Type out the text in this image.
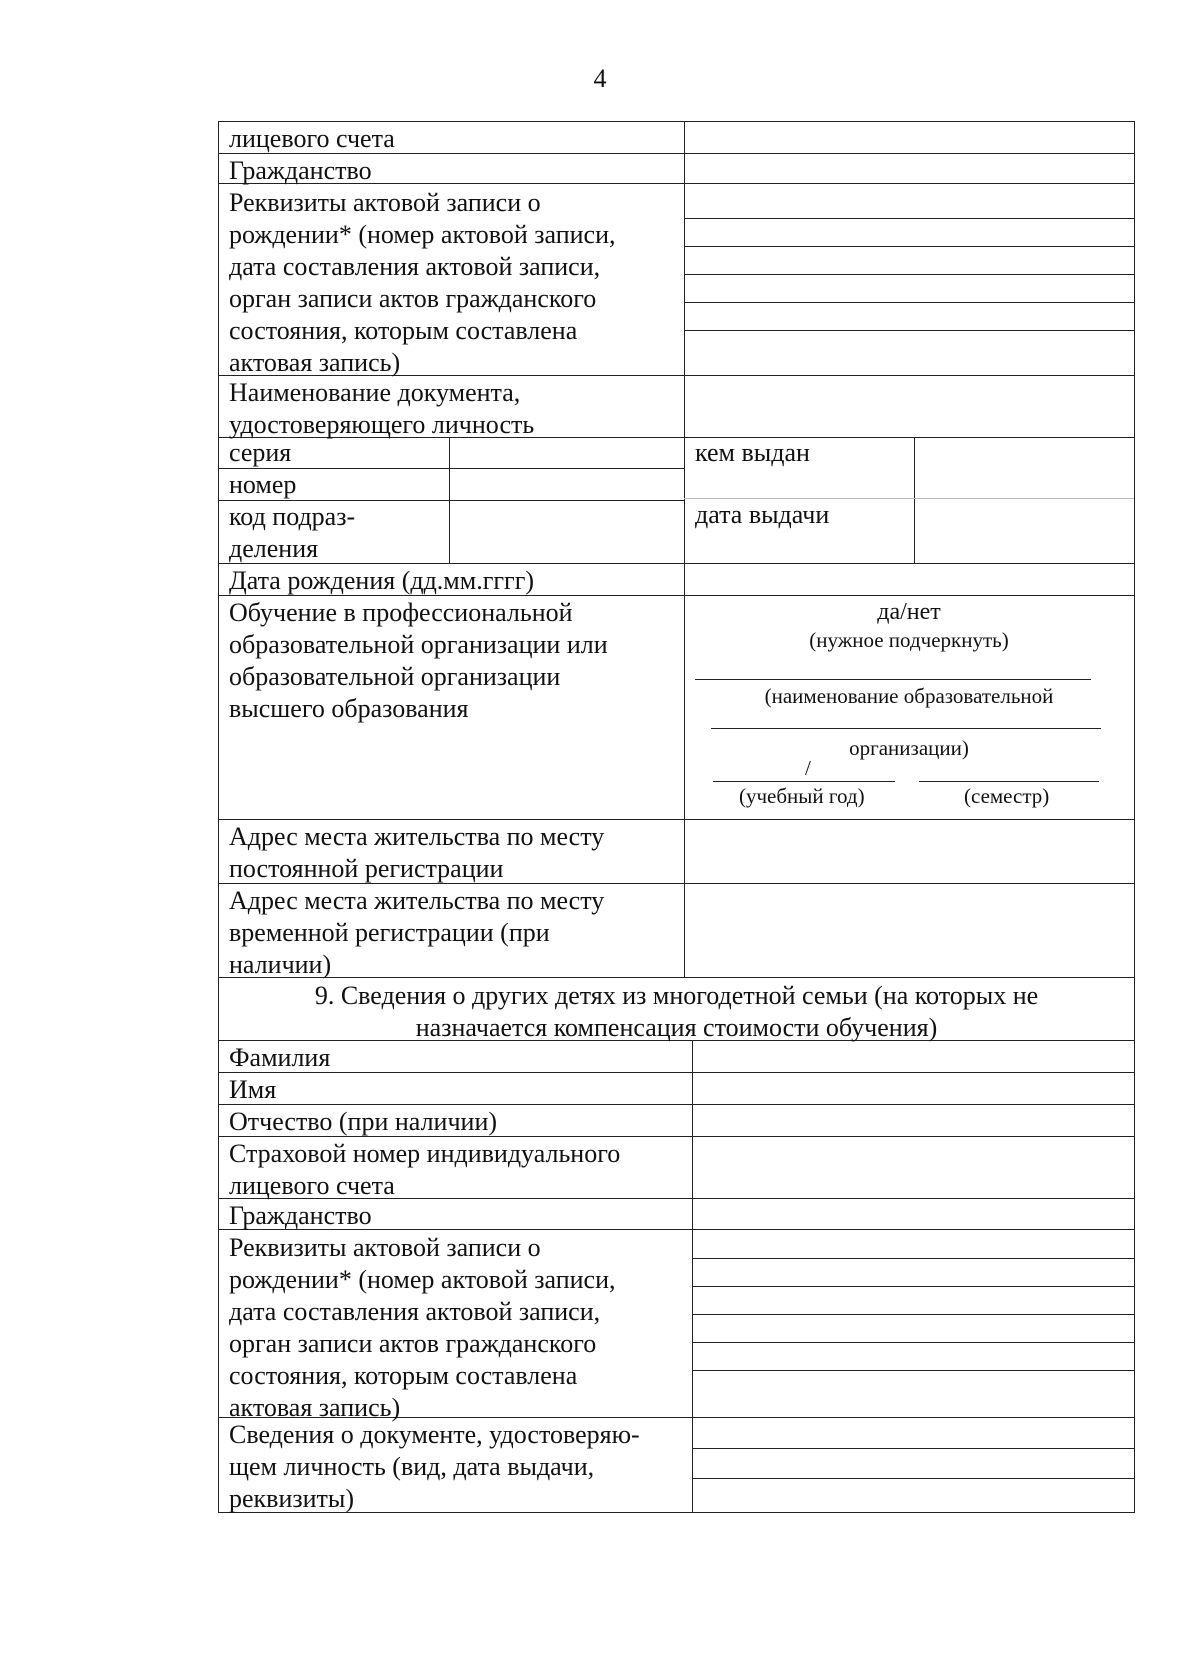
4
лицевого счета
Гражданство
Реквизиты актовой записи о
рождении* (номер актовой записи,
дата составления актовой записи,
орган записи актов гражданского
состояния, которым составлена
актовая запись)
Наименование документа,
удостоверяющего личность
серия
номер
код подраз-
деления
кем выдан
дата выдачи
Дата рождения (дд.мм.гггг)
Обучение в профессиональной
образовательной организации или
образовательной организации
высшего образования
да/нет
(нужное подчеркнуть)
(наименование образовательной
организации)
/
(учебный год)	(семестр)
Адрес места жительства по месту
постоянной регистрации
Адрес места жительства по месту
временной регистрации (при
наличии)
9. Сведения о других детях из многодетной семьи (на которых не
назначается компенсация стоимости обучения)
Фамилия
Имя
Отчество (при наличии)
Страховой номер индивидуального
лицевого счета
Гражданство
Реквизиты актовой записи о
рождении* (номер актовой записи,
дата составления актовой записи,
орган записи актов гражданского
состояния, которым составлена
актовая запись)
Сведения о документе, удостоверяю-
щем личность (вид, дата выдачи,
реквизиты)
